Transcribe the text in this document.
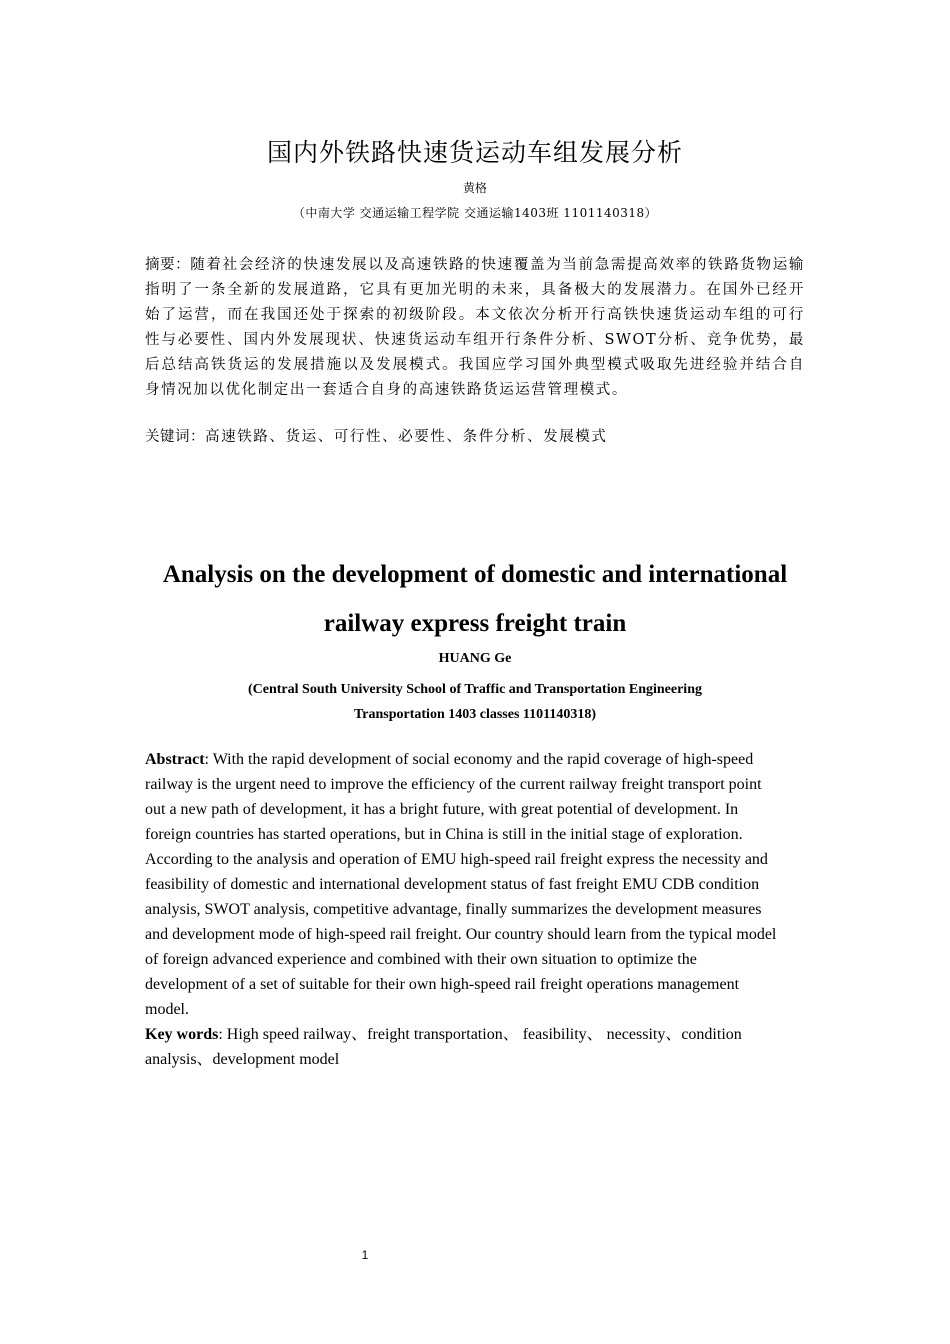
国内外铁路快速货运动车组发展分析
黄格
（中南大学 交通运输工程学院 交通运输1403班 1101140318）
摘要：随着社会经济的快速发展以及高速铁路的快速覆盖为当前急需提高效率的铁路货物运输指明了一条全新的发展道路，它具有更加光明的未来，具备极大的发展潜力。在国外已经开始了运营，而在我国还处于探索的初级阶段。本文依次分析开行高铁快速货运动车组的可行性与必要性、国内外发展现状、快速货运动车组开行条件分析、SWOT分析、竞争优势，最后总结高铁货运的发展措施以及发展模式。我国应学习国外典型模式吸取先进经验并结合自身情况加以优化制定出一套适合自身的高速铁路货运运营管理模式。
关键词：高速铁路、货运、可行性、必要性、条件分析、发展模式
Analysis on the development of domestic and international
railway express freight train
HUANG Ge
(Central South University School of Traffic and Transportation Engineering
Transportation 1403 classes 1101140318)
Abstract: With the rapid development of social economy and the rapid coverage of high-speed
railway is the urgent need to improve the efficiency of the current railway freight transport point
out a new path of development, it has a bright future, with great potential of development. In
foreign countries has started operations, but in China is still in the initial stage of exploration.
According to the analysis and operation of EMU high-speed rail freight express the necessity and
feasibility of domestic and international development status of fast freight EMU CDB condition
analysis, SWOT analysis, competitive advantage, finally summarizes the development measures
and development mode of high-speed rail freight. Our country should learn from the typical model
of foreign advanced experience and combined with their own situation to optimize the
development of a set of suitable for their own high-speed rail freight operations management
model.
Key words: High speed railway、freight transportation、 feasibility、 necessity、condition
analysis、development model
1
